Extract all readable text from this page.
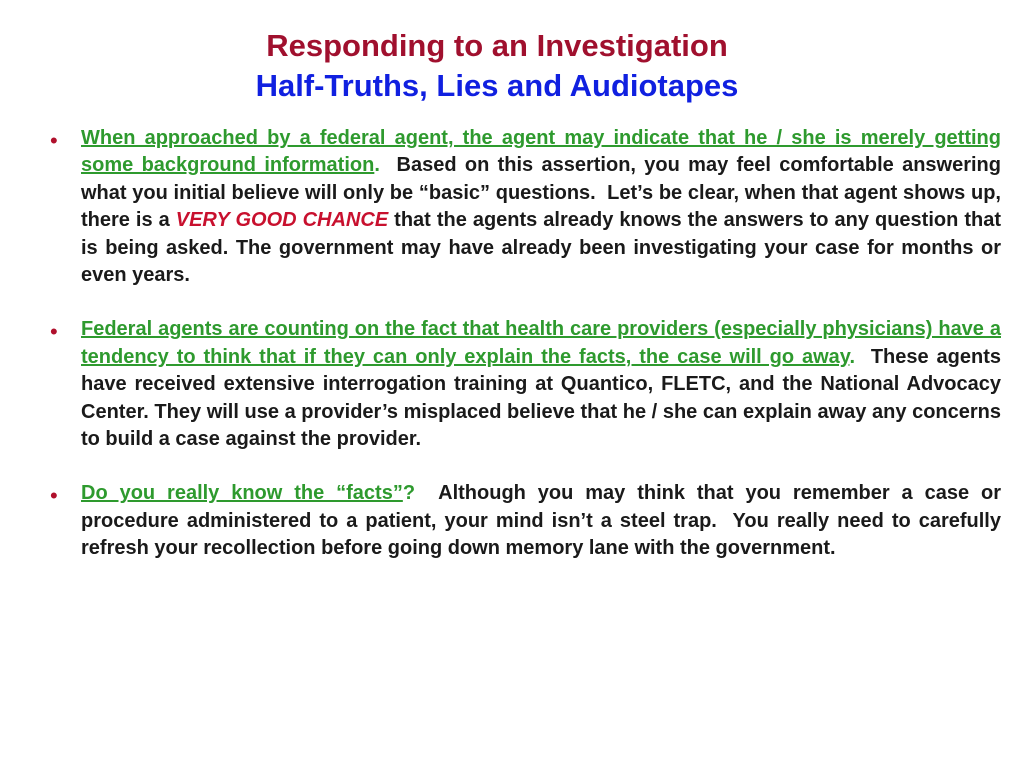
Responding to an Investigation
Half-Truths, Lies and Audiotapes
• When approached by a federal agent, the agent may indicate that he / she is merely getting some background information.  Based on this assertion, you may feel comfortable answering what you initial believe will only be “basic” questions.  Let’s be clear, when that agent shows up, there is a VERY GOOD CHANCE that the agents already knows the answers to any question that is being asked. The government may have already been investigating your case for months or even years.
• Federal agents are counting on the fact that health care providers (especially physicians) have a tendency to think that if they can only explain the facts, the case will go away.  These agents have received extensive interrogation training at Quantico, FLETC, and the National Advocacy Center. They will use a provider’s misplaced believe that he / she can explain away any concerns to build a case against the provider.
• Do you really know the “facts”?  Although you may think that you remember a case or procedure administered to a patient, your mind isn’t a steel trap.  You really need to carefully refresh your recollection before going down memory lane with the government.
